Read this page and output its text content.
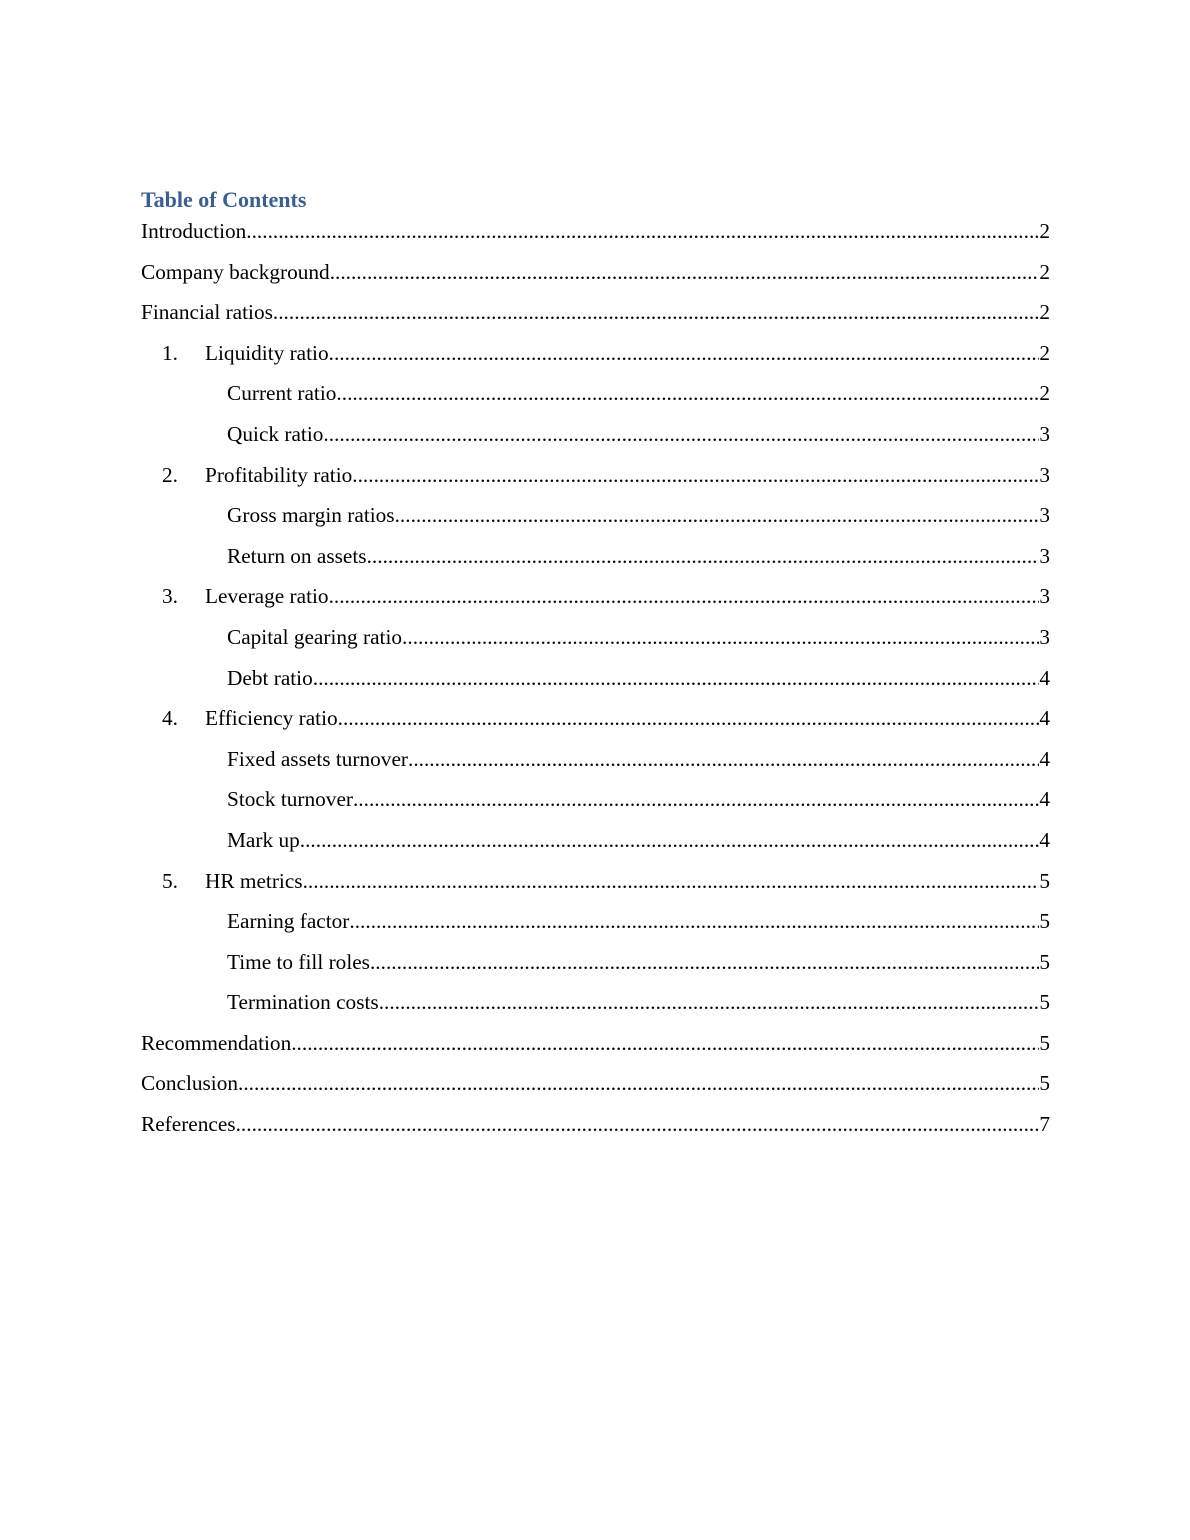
Table of Contents
Introduction .....	2
Company background .....	2
Financial ratios .....	2
1.	Liquidity ratio .....	2
Current ratio .....	2
Quick ratio .....	3
2.	Profitability ratio .....	3
Gross margin ratios .....	3
Return on assets .....	3
3.	Leverage ratio .....	3
Capital gearing ratio .....	3
Debt ratio .....	4
4.	Efficiency ratio .....	4
Fixed assets turnover .....	4
Stock turnover .....	4
Mark up .....	4
5.	HR metrics .....	5
Earning factor .....	5
Time to fill roles .....	5
Termination costs .....	5
Recommendation .....	5
Conclusion .....	5
References .....	7
